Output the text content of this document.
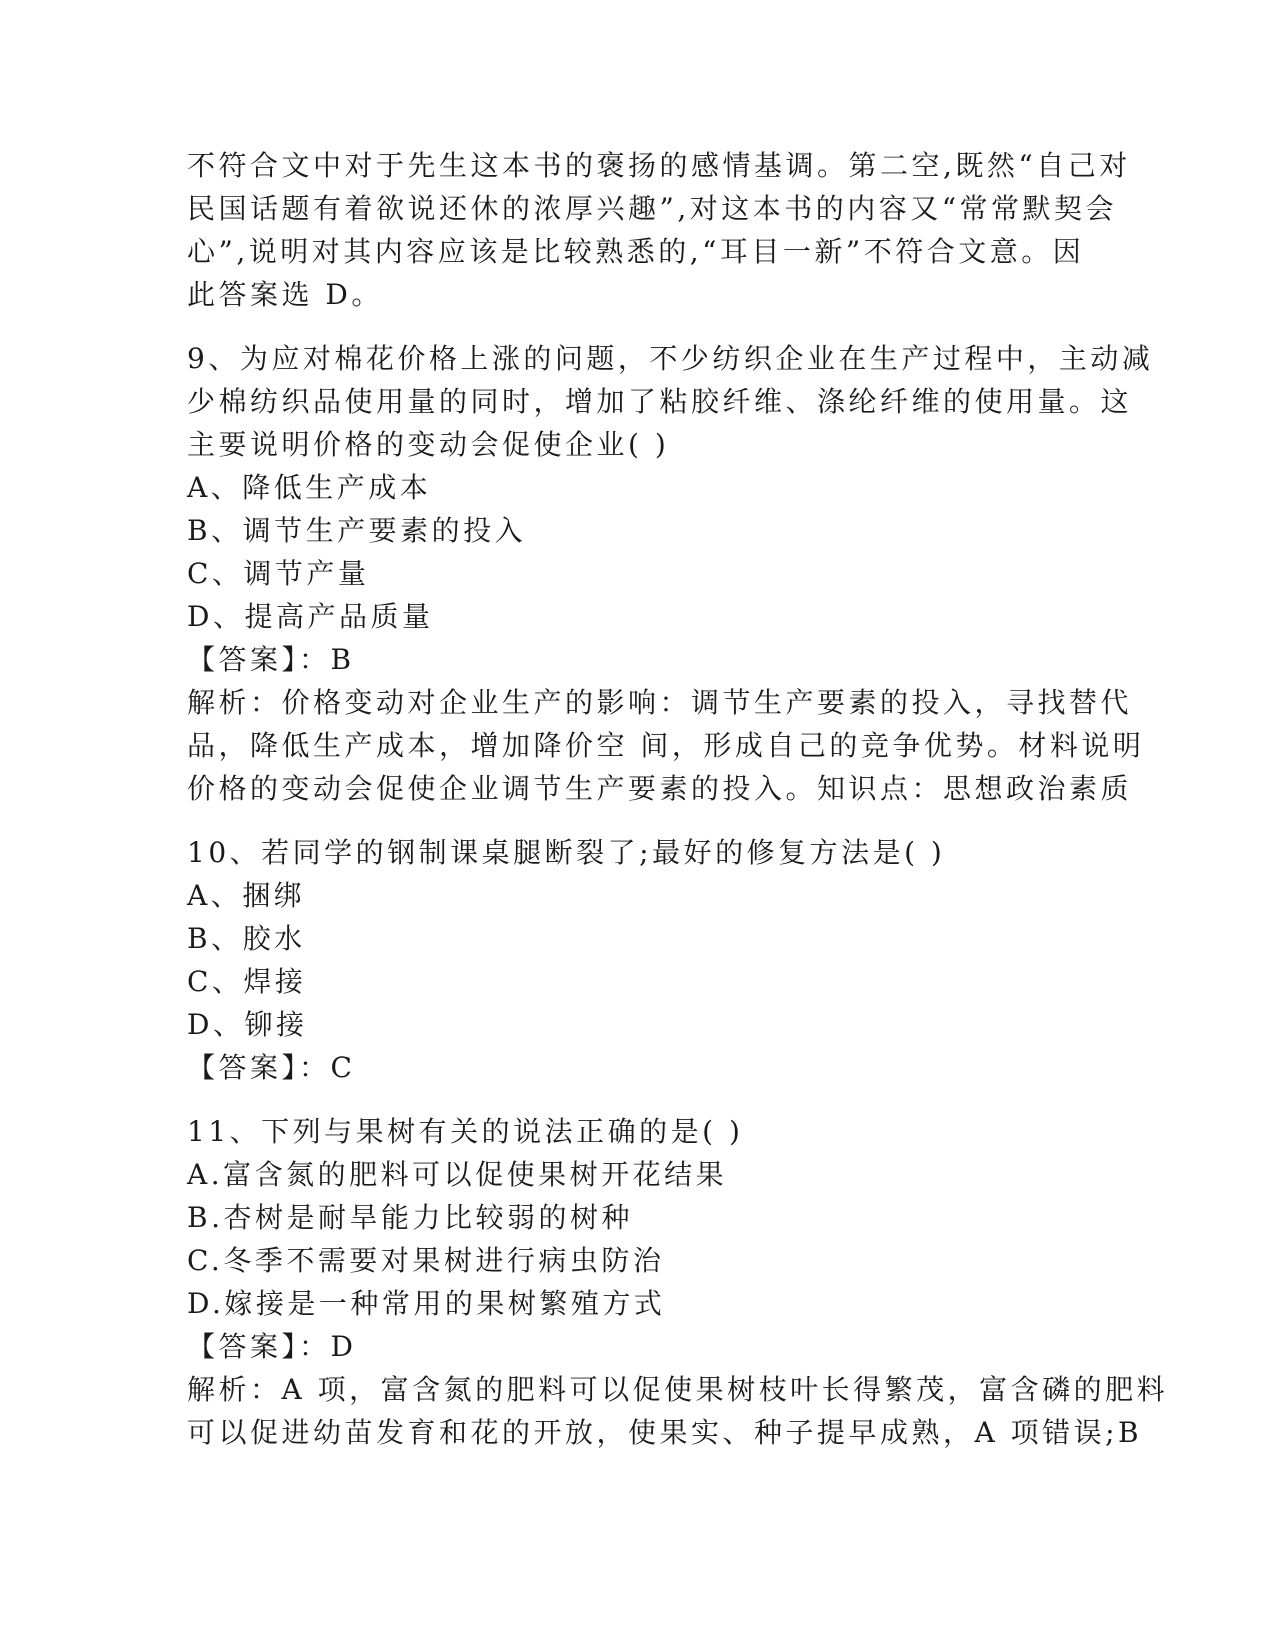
不符合文中对于先生这本书的褒扬的感情基调。第二空,既然“自己对
民国话题有着欲说还休的浓厚兴趣”,对这本书的内容又“常常默契会
心”,说明对其内容应该是比较熟悉的,“耳目一新”不符合文意。因
此答案选 D。
9、为应对棉花价格上涨的问题，不少纺织企业在生产过程中，主动减
少棉纺织品使用量的同时，增加了粘胶纤维、涤纶纤维的使用量。这
主要说明价格的变动会促使企业( )
A、降低生产成本
B、调节生产要素的投入
C、调节产量
D、提高产品质量
【答案】：B
解析：价格变动对企业生产的影响：调节生产要素的投入，寻找替代
品，降低生产成本，增加降价空 间，形成自己的竞争优势。材料说明
价格的变动会促使企业调节生产要素的投入。知识点：思想政治素质
10、若同学的钢制课桌腿断裂了;最好的修复方法是( )
A、捆绑
B、胶水
C、焊接
D、铆接
【答案】：C
11、下列与果树有关的说法正确的是( )
A.富含氮的肥料可以促使果树开花结果
B.杏树是耐旱能力比较弱的树种
C.冬季不需要对果树进行病虫防治
D.嫁接是一种常用的果树繁殖方式
【答案】：D
解析：A 项，富含氮的肥料可以促使果树枝叶长得繁茂，富含磷的肥料
可以促进幼苗发育和花的开放，使果实、种子提早成熟，A 项错误;B
